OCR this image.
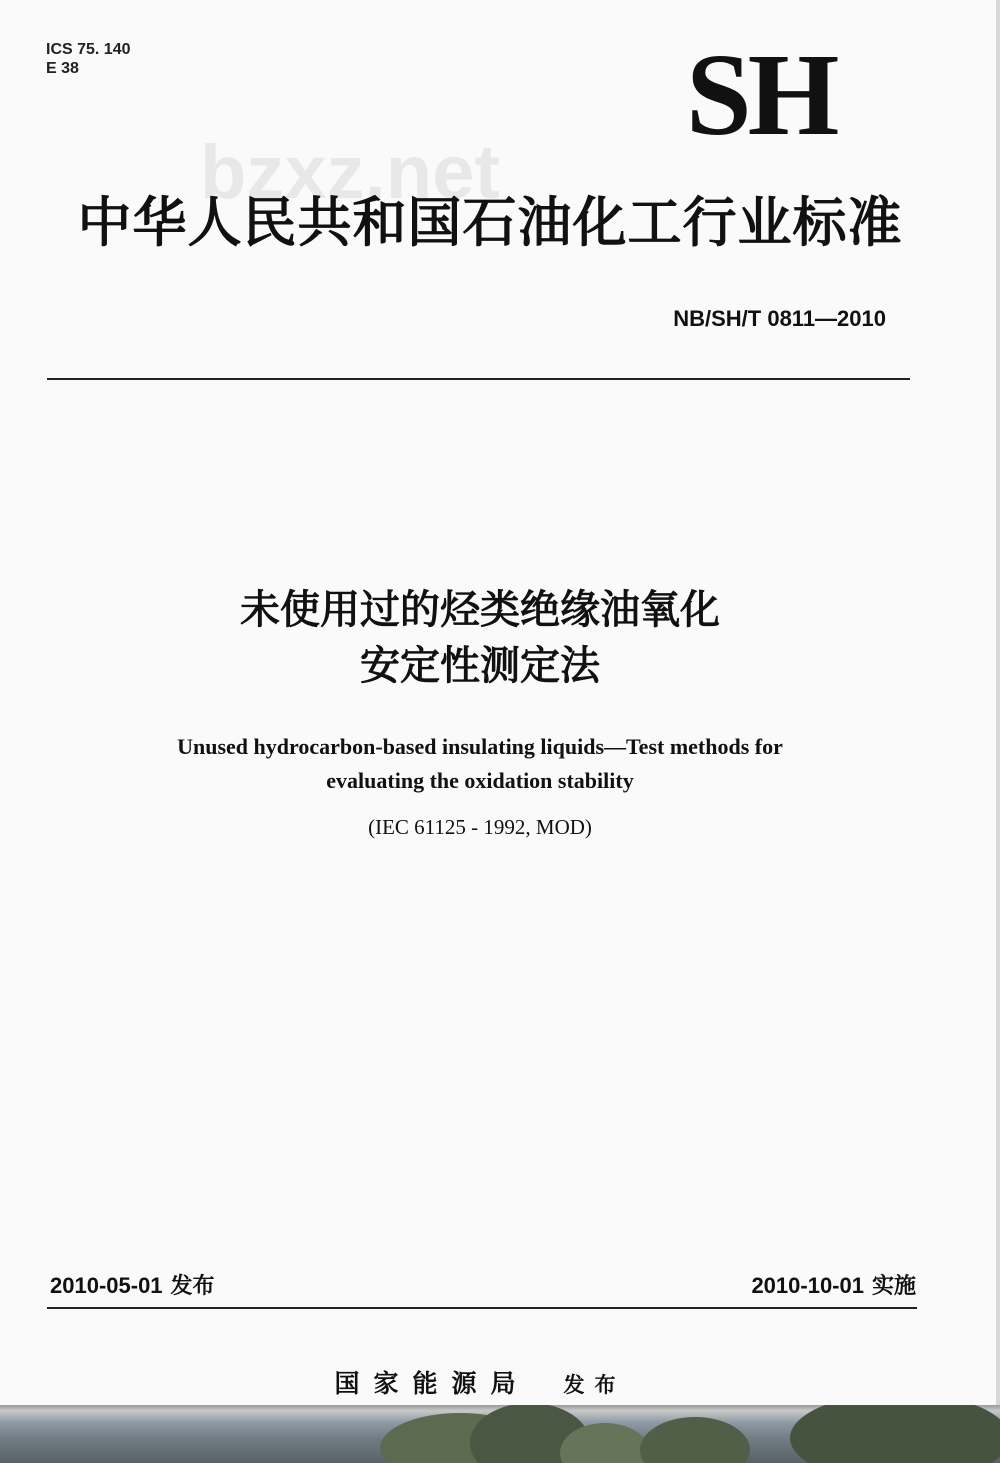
ICS 75. 140
E 38	SH
bzxz.net
中华人民共和国石油化工行业标准
NB/SH/T 0811—2010
未使用过的烃类绝缘油氧化
安定性测定法
Unused hydrocarbon-based insulating liquids—Test methods for
evaluating the oxidation stability
(IEC 61125 - 1992, MOD)
2010-05-01 发布	2010-10-01 实施
国家能源局 发布
